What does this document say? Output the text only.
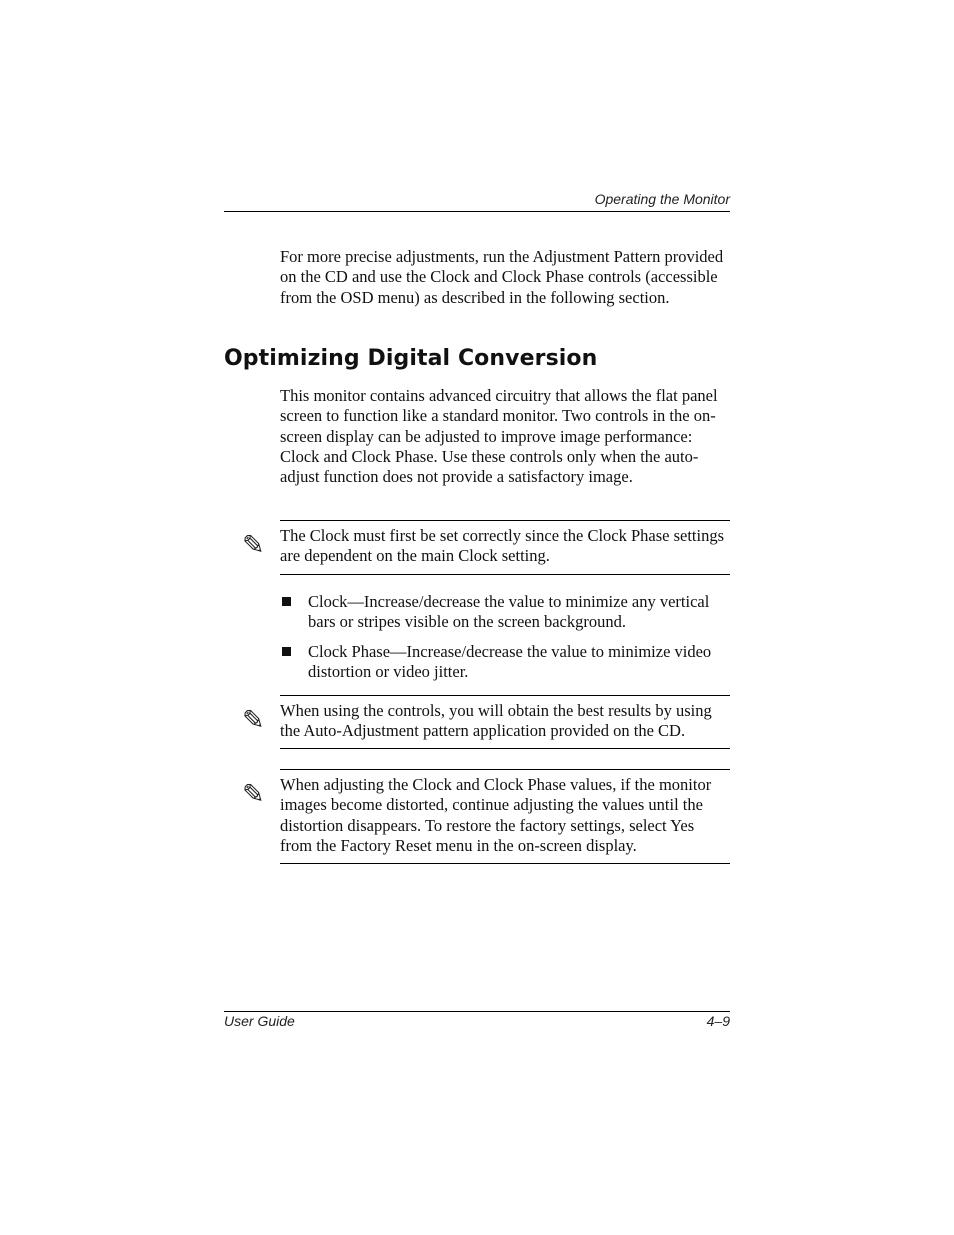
Operating the Monitor

For more precise adjustments, run the Adjustment Pattern provided on the CD and use the Clock and Clock Phase controls (accessible from the OSD menu) as described in the following section.

Optimizing Digital Conversion

This monitor contains advanced circuitry that allows the flat panel screen to function like a standard monitor. Two controls in the on-screen display can be adjusted to improve image performance: Clock and Clock Phase. Use these controls only when the auto-adjust function does not provide a satisfactory image.

✎ The Clock must first be set correctly since the Clock Phase settings are dependent on the main Clock setting.

Clock—Increase/decrease the value to minimize any vertical bars or stripes visible on the screen background.

Clock Phase—Increase/decrease the value to minimize video distortion or video jitter.

✎ When using the controls, you will obtain the best results by using the Auto-Adjustment pattern application provided on the CD.

✎ When adjusting the Clock and Clock Phase values, if the monitor images become distorted, continue adjusting the values until the distortion disappears. To restore the factory settings, select Yes from the Factory Reset menu in the on-screen display.

User Guide	4–9
